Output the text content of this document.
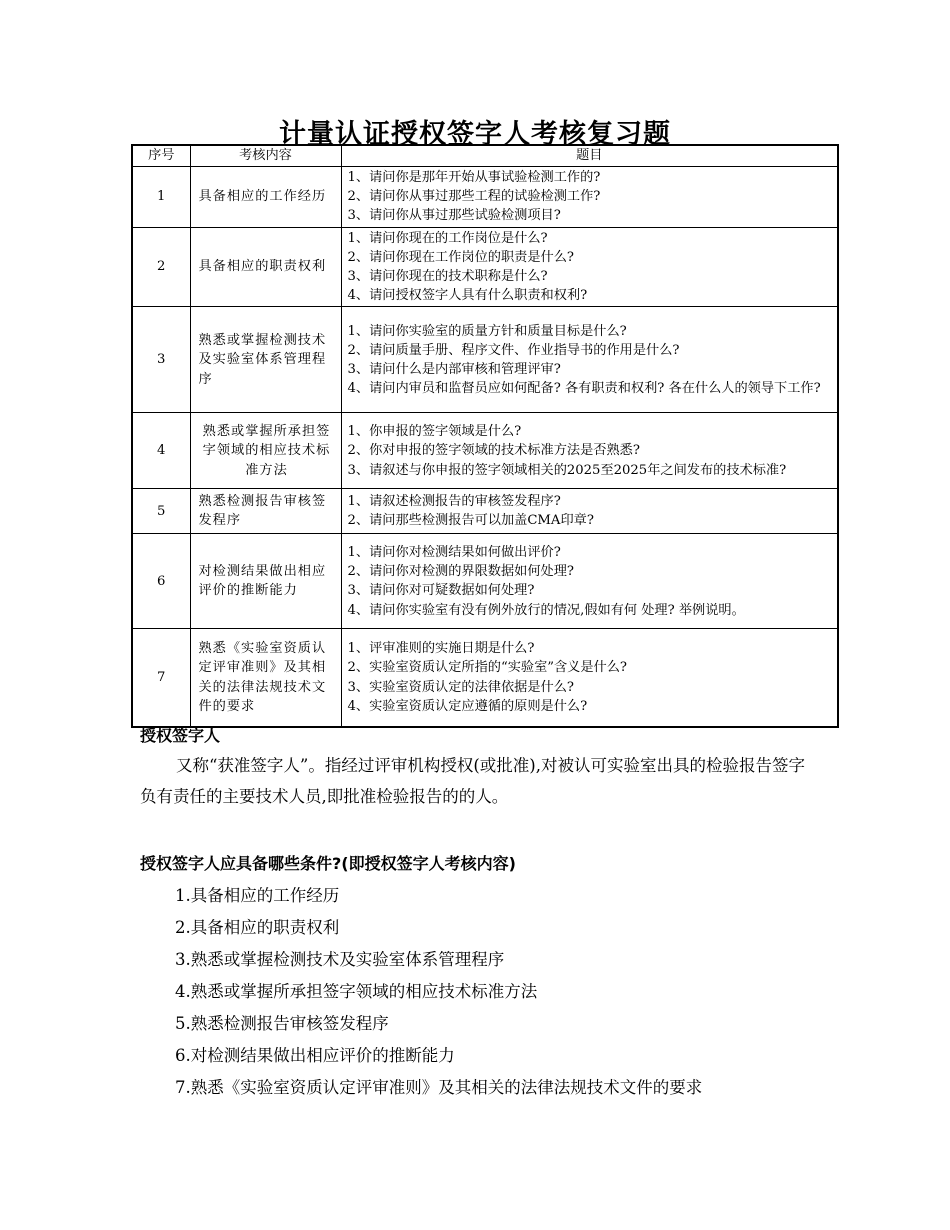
计量认证授权签字人考核复习题
序号	考核内容	题目
1	具备相应的工作经历	1、请问你是那年开始从事试验检测工作的?
2、请问你从事过那些工程的试验检测工作?
3、请问你从事过那些试验检测项目?

2	具备相应的职责权利	1、请问你现在的工作岗位是什么?
2、请问你现在工作岗位的职责是什么?
3、请问你现在的技术职称是什么?
4、请问授权签字人具有什么职责和权利?

3	熟悉或掌握检测技术及实验室体系管理程序	1、请问你实验室的质量方针和质量目标是什么?
2、请问质量手册、程序文件、作业指导书的作用是什么?
3、请问什么是内部审核和管理评审?
4、请问内审员和监督员应如何配备? 各有职责和权利? 各在什么人的领导下工作?

4	熟悉或掌握所承担签字领域的相应技术标准方法	1、你申报的签字领域是什么?
2、你对申报的签字领域的技术标准方法是否熟悉?
3、请叙述与你申报的签字领域相关的2025至2025年之间发布的技术标准?

5	熟悉检测报告审核签发程序	1、请叙述检测报告的审核签发程序?
2、请问那些检测报告可以加盖CMA印章?

6	对检测结果做出相应评价的推断能力	1、请问你对检测结果如何做出评价?
2、请问你对检测的界限数据如何处理?
3、请问你对可疑数据如何处理?
4、请问你实验室有没有例外放行的情况,假如有何 处理? 举例说明。

7	熟悉《实验室资质认定评审准则》及其相关的法律法规技术文件的要求	1、评审准则的实施日期是什么?
2、实验室资质认定所指的“实验室”含义是什么?
3、实验室资质认定的法律依据是什么?
4、实验室资质认定应遵循的原则是什么?
授权签字人
又称“获准签字人”。指经过评审机构授权(或批准),对被认可实验室出具的检验报告签字负有责任的主要技术人员,即批准检验报告的的人。
授权签字人应具备哪些条件?(即授权签字人考核内容)
1.具备相应的工作经历
2.具备相应的职责权利
3.熟悉或掌握检测技术及实验室体系管理程序
4.熟悉或掌握所承担签字领域的相应技术标准方法
5.熟悉检测报告审核签发程序
6.对检测结果做出相应评价的推断能力
7.熟悉《实验室资质认定评审准则》及其相关的法律法规技术文件的要求
